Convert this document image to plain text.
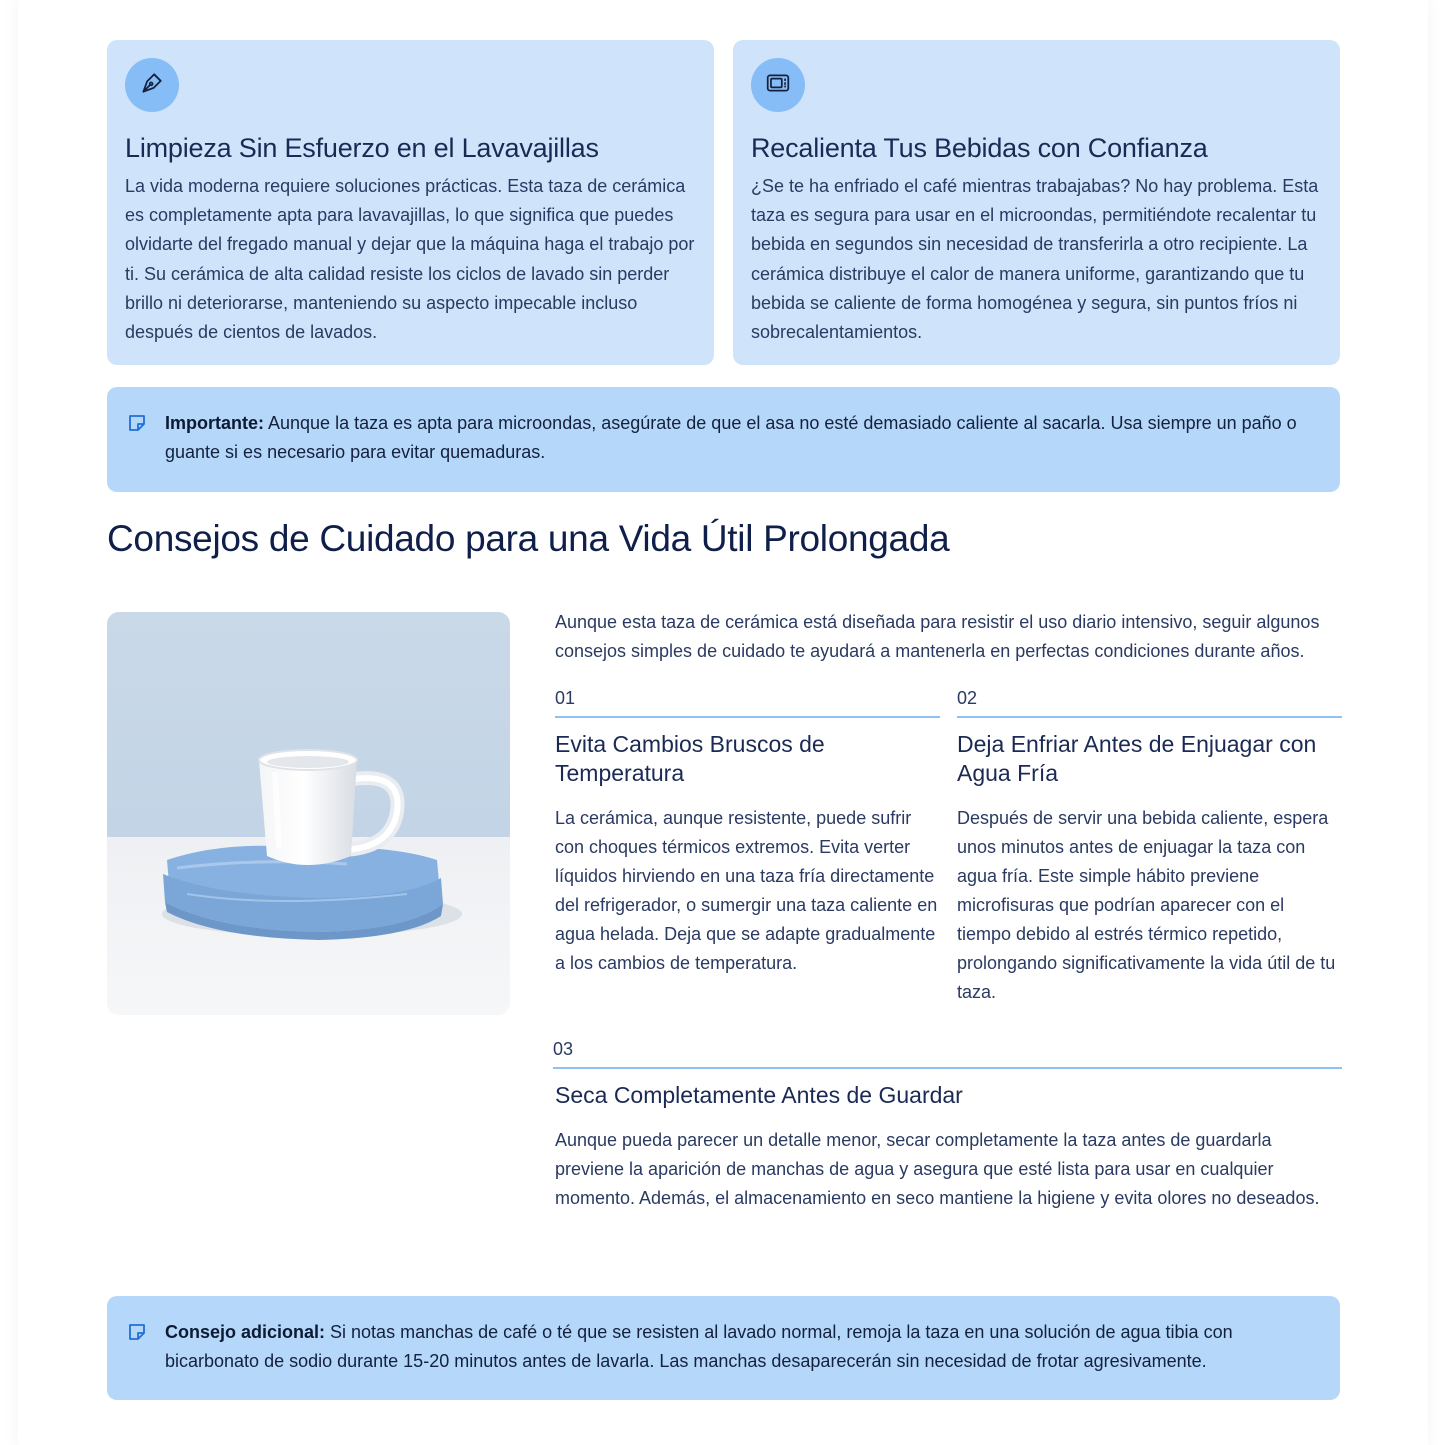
Limpieza Sin Esfuerzo en el Lavavajillas

La vida moderna requiere soluciones prácticas. Esta taza de cerámica es completamente apta para lavavajillas, lo que significa que puedes olvidarte del fregado manual y dejar que la máquina haga el trabajo por ti. Su cerámica de alta calidad resiste los ciclos de lavado sin perder brillo ni deteriorarse, manteniendo su aspecto impecable incluso después de cientos de lavados.

Recalienta Tus Bebidas con Confianza

¿Se te ha enfriado el café mientras trabajabas? No hay problema. Esta taza es segura para usar en el microondas, permitiéndote recalentar tu bebida en segundos sin necesidad de transferirla a otro recipiente. La cerámica distribuye el calor de manera uniforme, garantizando que tu bebida se caliente de forma homogénea y segura, sin puntos fríos ni sobrecalentamientos.

Importante: Aunque la taza es apta para microondas, asegúrate de que el asa no esté demasiado caliente al sacarla. Usa siempre un paño o guante si es necesario para evitar quemaduras.

Consejos de Cuidado para una Vida Útil Prolongada

Aunque esta taza de cerámica está diseñada para resistir el uso diario intensivo, seguir algunos consejos simples de cuidado te ayudará a mantenerla en perfectas condiciones durante años.

01
Evita Cambios Bruscos de Temperatura

La cerámica, aunque resistente, puede sufrir con choques térmicos extremos. Evita verter líquidos hirviendo en una taza fría directamente del refrigerador, o sumergir una taza caliente en agua helada. Deja que se adapte gradualmente a los cambios de temperatura.

02
Deja Enfriar Antes de Enjuagar con Agua Fría

Después de servir una bebida caliente, espera unos minutos antes de enjuagar la taza con agua fría. Este simple hábito previene microfisuras que podrían aparecer con el tiempo debido al estrés térmico repetido, prolongando significativamente la vida útil de tu taza.

03
Seca Completamente Antes de Guardar

Aunque pueda parecer un detalle menor, secar completamente la taza antes de guardarla previene la aparición de manchas de agua y asegura que esté lista para usar en cualquier momento. Además, el almacenamiento en seco mantiene la higiene y evita olores no deseados.

Consejo adicional: Si notas manchas de café o té que se resisten al lavado normal, remoja la taza en una solución de agua tibia con bicarbonato de sodio durante 15-20 minutos antes de lavarla. Las manchas desaparecerán sin necesidad de frotar agresivamente.
